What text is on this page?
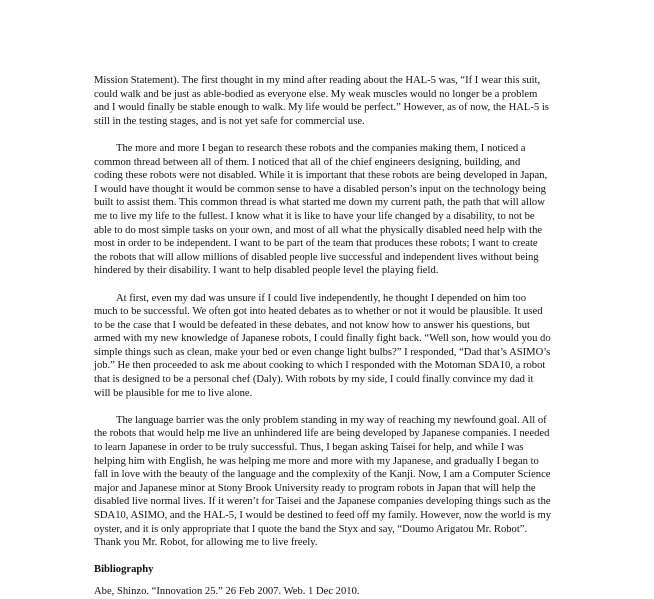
Mission Statement). The first thought in my mind after reading about the HAL-5 was, “If I wear this suit,
could walk and be just as able-bodied as everyone else. My weak muscles would no longer be a problem
and I would finally be stable enough to walk. My life would be perfect.” However, as of now, the HAL-5 is
still in the testing stages, and is not yet safe for commercial use.
The more and more I began to research these robots and the companies making them, I noticed a
common thread between all of them. I noticed that all of the chief engineers designing, building, and
coding these robots were not disabled. While it is important that these robots are being developed in Japan,
I would have thought it would be common sense to have a disabled person’s input on the technology being
built to assist them. This common thread is what started me down my current path, the path that will allow
me to live my life to the fullest. I know what it is like to have your life changed by a disability, to not be
able to do most simple tasks on your own, and most of all what the physically disabled need help with the
most in order to be independent. I want to be part of the team that produces these robots; I want to create
the robots that will allow millions of disabled people live successful and independent lives without being
hindered by their disability. I want to help disabled people level the playing field.
At first, even my dad was unsure if I could live independently, he thought I depended on him too
much to be successful. We often got into heated debates as to whether or not it would be plausible. It used
to be the case that I would be defeated in these debates, and not know how to answer his questions, but
armed with my new knowledge of Japanese robots, I could finally fight back. “Well son, how would you do
simple things such as clean, make your bed or even change light bulbs?” I responded, “Dad that’s ASIMO’s
job.” He then proceeded to ask me about cooking to which I responded with the Motoman SDA10, a robot
that is designed to be a personal chef (Daly). With robots by my side, I could finally convince my dad it
will be plausible for me to live alone.
The language barrier was the only problem standing in my way of reaching my newfound goal. All of
the robots that would help me live an unhindered life are being developed by Japanese companies. I needed
to learn Japanese in order to be truly successful. Thus, I began asking Taisei for help, and while I was
helping him with English, he was helping me more and more with my Japanese, and gradually I began to
fall in love with the beauty of the language and the complexity of the Kanji. Now, I am a Computer Science
major and Japanese minor at Stony Brook University ready to program robots in Japan that will help the
disabled live normal lives. If it weren’t for Taisei and the Japanese companies developing things such as the
SDA10, ASIMO, and the HAL-5, I would be destined to feed off my family. However, now the world is my
oyster, and it is only appropriate that I quote the band the Styx and say, “Doumo Arigatou Mr. Robot”.
Thank you Mr. Robot, for allowing me to live freely.
Bibliography
Abe, Shinzo. “Innovation 25.” 26 Feb 2007. Web. 1 Dec 2010.
